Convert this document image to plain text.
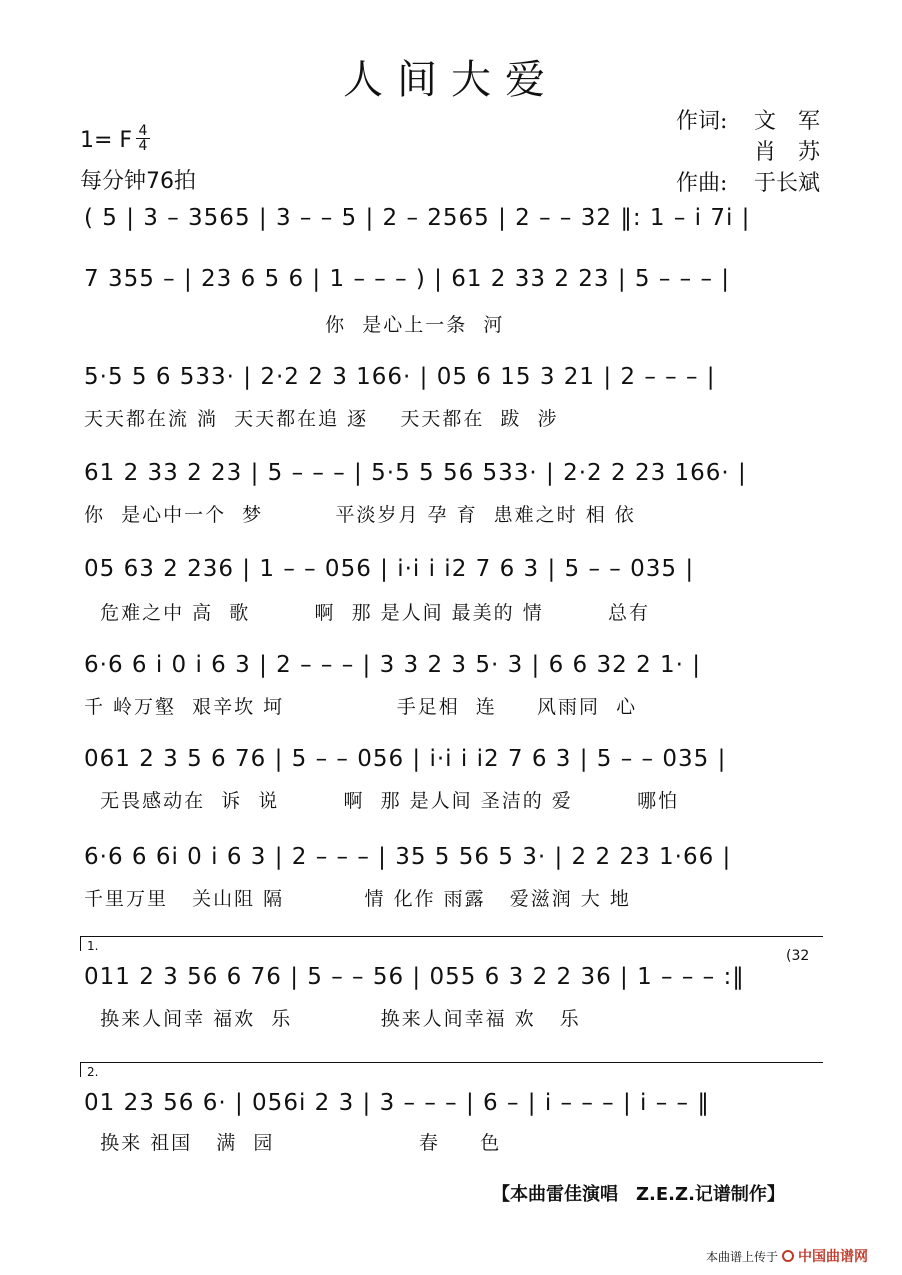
人间大爱
1= F 4
4
每分钟76拍
作词:	文　军
肖　苏
作曲:	于长斌
( 5 | 3 – 3565 | 3 – – 5 | 2 – 2565 | 2 – – 32 ‖: 1 – i 7i |
7 355 – | 23 6 5 6 | 1 – – – ) | 61 2 33 2 23 | 5 – – – |
你  是心上一条  河
5·5 5 6 533· | 2·2 2 3 166· | 05 6 15 3 21 | 2 – – – |
天天都在流 淌  天天都在追 逐    天天都在  跋  涉
61 2 33 2 23 | 5 – – – | 5·5 5 56 533· | 2·2 2 23 166· |
你  是心中一个  梦         平淡岁月 孕 育  患难之时 相 依
05 63 2 236 | 1 – – 056 | i·i i i2 7 6 3 | 5 – – 035 |
危难之中 高  歌        啊  那 是人间 最美的 情        总有
6·6 6 i 0 i 6 3 | 2 – – – | 3 3 2 3 5· 3 | 6 6 32 2 1· |
千 岭万壑  艰辛坎 坷              手足相  连     风雨同  心
061 2 3 5 6 76 | 5 – – 056 | i·i i i2 7 6 3 | 5 – – 035 |
无畏感动在  诉  说        啊  那 是人间 圣洁的 爱        哪怕
6·6 6 6i 0 i 6 3 | 2 – – – | 35 5 56 5 3· | 2 2 23 1·66 |
千里万里   关山阻 隔          情 化作 雨露   爱滋润 大 地
1.
(32
011 2 3 56 6 76 | 5 – – 56 | 055 6 3 2 2 36 | 1 – – – :‖
换来人间幸 福欢  乐           换来人间幸福 欢   乐
2.
01 23 56 6· | 056i 2 3 | 3 – – – | 6 – | i – – – | i – – ‖
换来 祖国   满  园                  春     色
【本曲雷佳演唱　Z.E.Z.记谱制作】
本曲谱上传于 中国曲谱网
